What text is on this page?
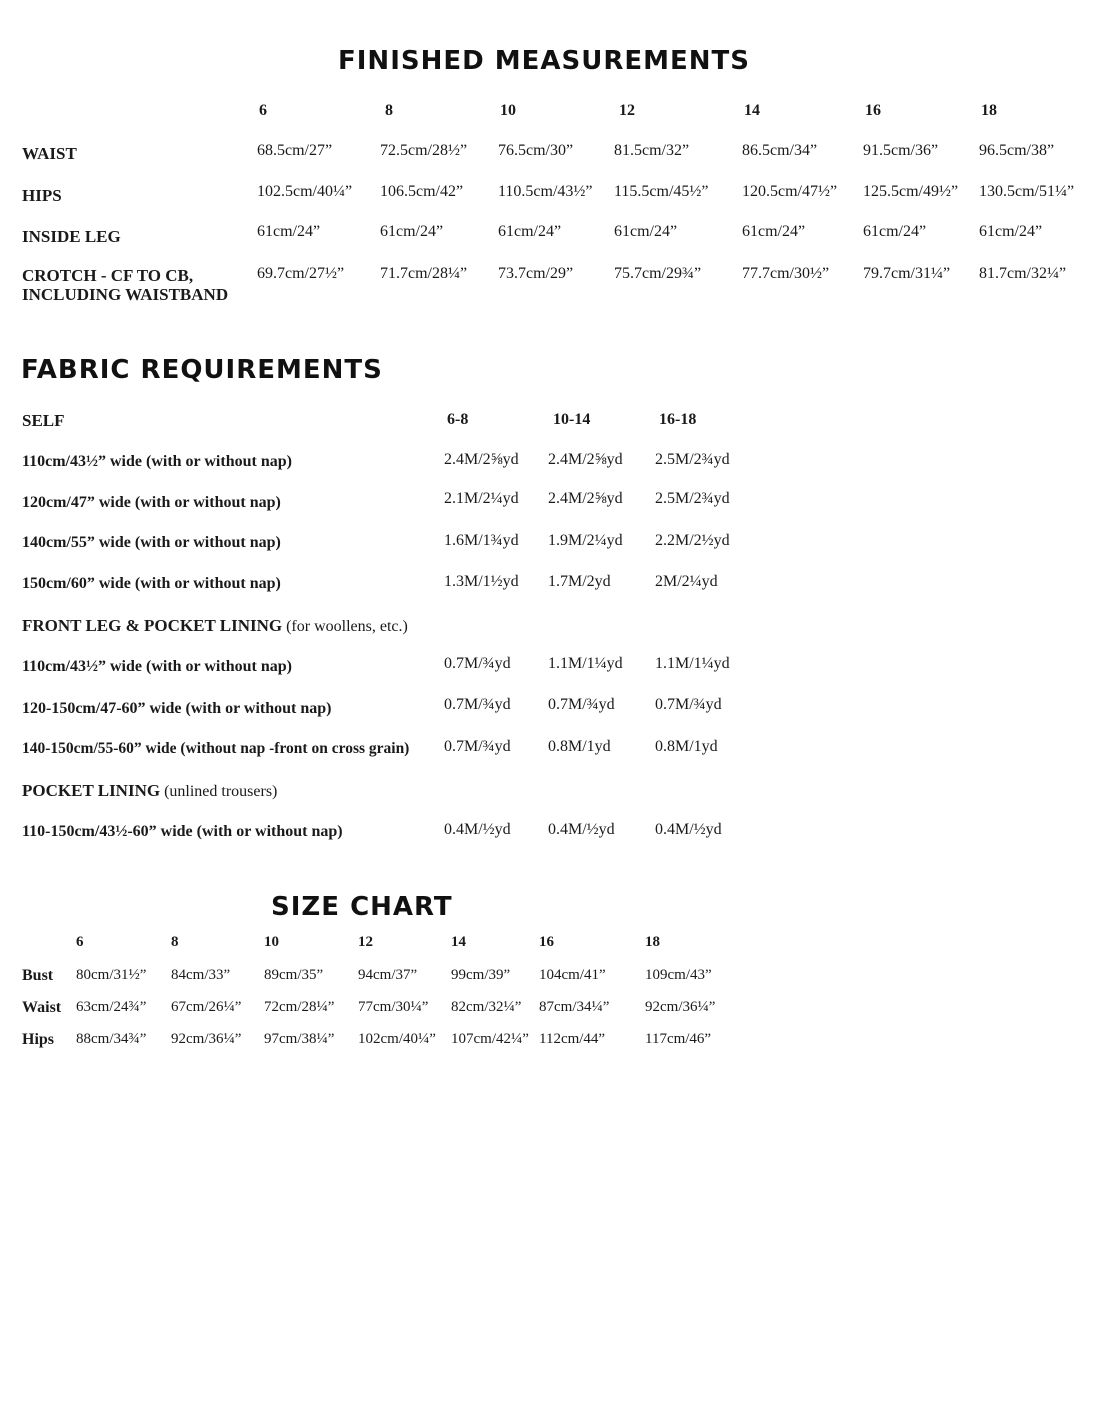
FINISHED MEASUREMENTS
6	8	10	12	14	16	18
WAIST	68.5cm/27”	72.5cm/28½” 76.5cm/30”	81.5cm/32”	86.5cm/34”	91.5cm/36”	96.5cm/38”
HIPS	102.5cm/40¼” 106.5cm/42” 110.5cm/43½” 115.5cm/45½” 120.5cm/47½” 125.5cm/49½” 130.5cm/51¼”
INSIDE LEG	61cm/24”	61cm/24”	61cm/24”	61cm/24”	61cm/24”	61cm/24”	61cm/24”
CROTCH - CF TO CB,
INCLUDING WAISTBAND
69.7cm/27½” 71.7cm/28¼” 73.7cm/29”	75.7cm/29¾”	77.7cm/30½” 79.7cm/31¼” 81.7cm/32¼”
FABRIC REQUIREMENTS
SELF	6-8	10-14	16-18
110cm/43½” wide (with or without nap)	2.4M/2⅝yd 2.4M/2⅝yd 2.5M/2¾yd
120cm/47” wide (with or without nap)	2.1M/2¼yd 2.4M/2⅝yd 2.5M/2¾yd
140cm/55” wide (with or without nap)	1.6M/1¾yd 1.9M/2¼yd 2.2M/2½yd
150cm/60” wide (with or without nap)	1.3M/1½yd 1.7M/2yd	2M/2¼yd
FRONT LEG & POCKET LINING (for woollens, etc.)
110cm/43½” wide (with or without nap)	0.7M/¾yd 1.1M/1¼yd 1.1M/1¼yd
120-150cm/47-60” wide (with or without nap)	0.7M/¾yd 0.7M/¾yd	0.7M/¾yd
140-150cm/55-60” wide (without nap -front on cross grain) 0.7M/¾yd 0.8M/1yd	0.8M/1yd
POCKET LINING (unlined trousers)
110-150cm/43½-60” wide (with or without nap)	0.4M/½yd 0.4M/½yd	0.4M/½yd
SIZE CHART
6	8	10	12	14	16	18
Bust 80cm/31½” 84cm/33” 89cm/35” 94cm/37” 99cm/39” 104cm/41”	109cm/43”
Waist 63cm/24¾” 67cm/26¼” 72cm/28¼” 77cm/30¼” 82cm/32¼” 87cm/34¼” 92cm/36¼”
Hips 88cm/34¾” 92cm/36¼” 97cm/38¼” 102cm/40¼” 107cm/42¼” 112cm/44”	117cm/46”
